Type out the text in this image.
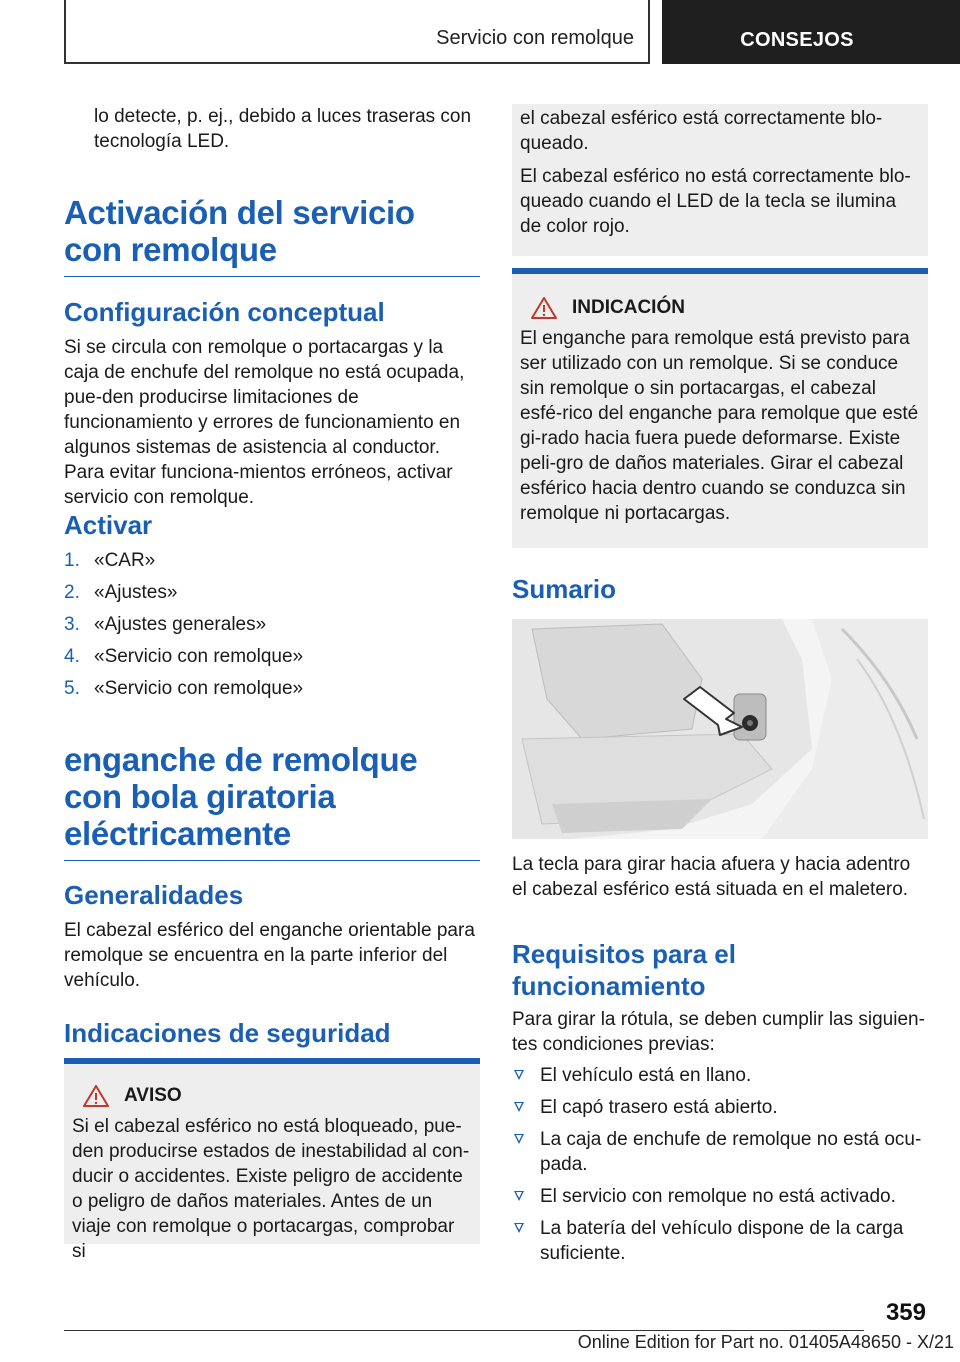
Servicio con remolque	CONSEJOS

lo detecte, p. ej., debido a luces traseras con tecnología LED.

Activación del servicio con remolque
Configuración conceptual

Si se circula con remolque o portacargas y la caja de enchufe del remolque no está ocupada, pue-den producirse limitaciones de funcionamiento y errores de funcionamiento en algunos sistemas de asistencia al conductor. Para evitar funciona-mientos erróneos, activar servicio con remolque.

Activar
1. «CAR»
2. «Ajustes»
3. «Ajustes generales»
4. «Servicio con remolque»
5. «Servicio con remolque»
enganche de remolque con bola giratoria eléctricamente
Generalidades

El cabezal esférico del enganche orientable para remolque se encuentra en la parte inferior del vehículo.

Indicaciones de seguridad
AVISO

Si el cabezal esférico no está bloqueado, pue-den producirse estados de inestabilidad al con-ducir o accidentes. Existe peligro de accidente o peligro de daños materiales. Antes de un viaje con remolque o portacargas, comprobar si

el cabezal esférico está correctamente blo-queado.

El cabezal esférico no está correctamente blo-queado cuando el LED de la tecla se ilumina de color rojo.

INDICACIÓN

El enganche para remolque está previsto para ser utilizado con un remolque. Si se conduce sin remolque o sin portacargas, el cabezal esfé-rico del enganche para remolque que esté gi-rado hacia fuera puede deformarse. Existe peli-gro de daños materiales. Girar el cabezal esférico hacia dentro cuando se conduzca sin remolque ni portacargas.

Sumario

La tecla para girar hacia afuera y hacia adentro el cabezal esférico está situada en el maletero.

Requisitos para el funcionamiento

Para girar la rótula, se deben cumplir las siguien-tes condiciones previas:

El vehículo está en llano.
El capó trasero está abierto.
La caja de enchufe de remolque no está ocu-pada.
El servicio con remolque no está activado.
La batería del vehículo dispone de la carga suficiente.
359
Online Edition for Part no. 01405A48650 - X/21
